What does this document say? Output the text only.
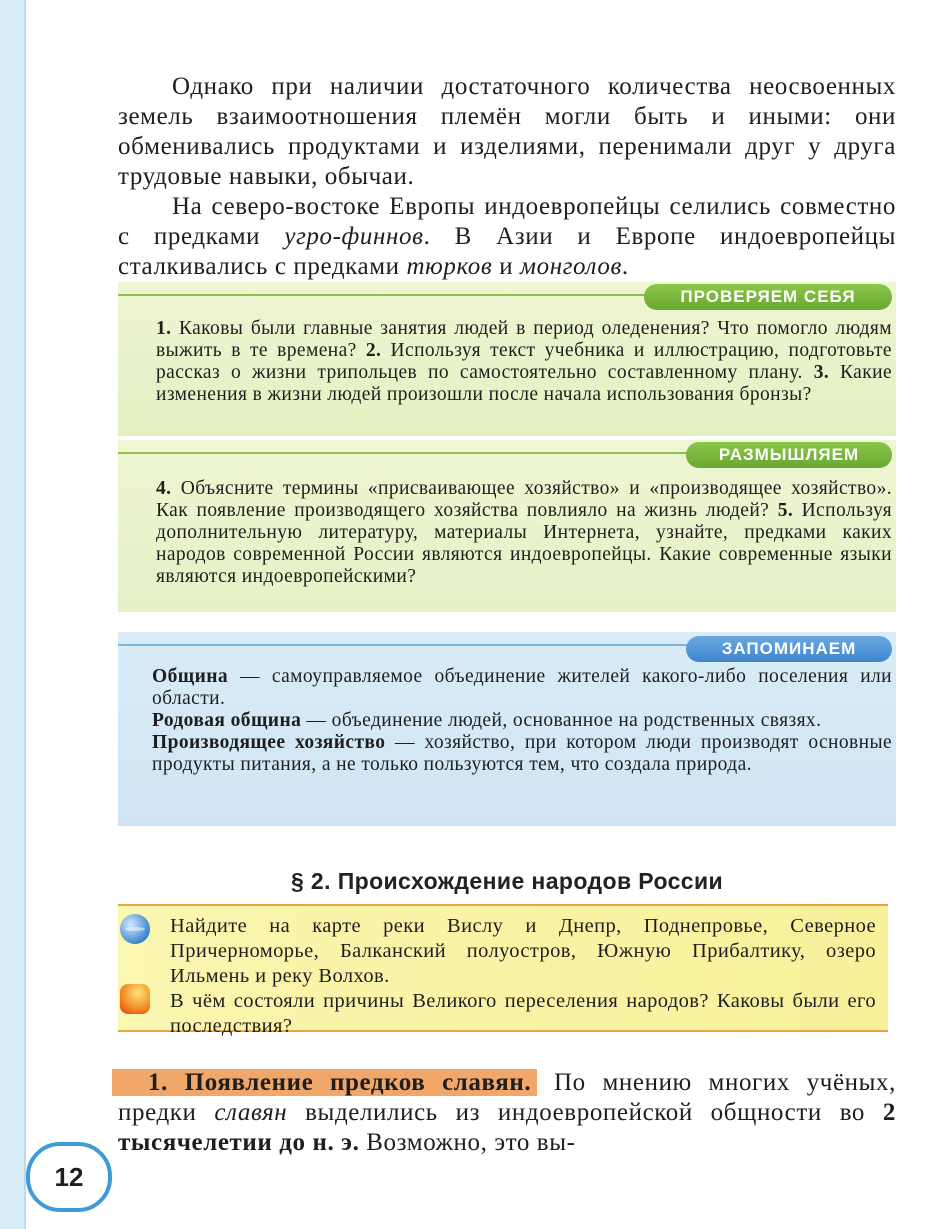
Однако при наличии достаточного количества неосвоенных земель взаимоотношения племён могли быть и иными: они обменивались продуктами и изделиями, перенимали друг у друга трудовые навыки, обычаи.

На северо-востоке Европы индоевропейцы селились совместно с предками угро-финнов. В Азии и Европе индоевропейцы сталкивались с предками тюрков и монголов.

ПРОВЕРЯЕМ СЕБЯ
1. Каковы были главные занятия людей в период оледенения? Что помогло людям выжить в те времена? 2. Используя текст учебника и иллюстрацию, подготовьте рассказ о жизни трипольцев по самостоятельно составленному плану. 3. Какие изменения в жизни людей произошли после начала использования бронзы?
РАЗМЫШЛЯЕМ
4. Объясните термины «присваивающее хозяйство» и «производящее хозяйство». Как появление производящего хозяйства повлияло на жизнь людей? 5. Используя дополнительную литературу, материалы Интернета, узнайте, предками каких народов современной России являются индоевропейцы. Какие современные языки являются индоевропейскими?
ЗАПОМИНАЕМ

Община — самоуправляемое объединение жителей какого-либо поселения или области.

Родовая община — объединение людей, основанное на родственных связях.

Производящее хозяйство — хозяйство, при котором люди производят основные продукты питания, а не только пользуются тем, что создала природа.

§ 2. Происхождение народов России

Найдите на карте реки Вислу и Днепр, Поднепровье, Северное Причерноморье, Балканский полуостров, Южную Прибалтику, озеро Ильмень и реку Волхов.

В чём состояли причины Великого переселения народов? Каковы были его последствия?

1. Появление предков славян. По мнению многих учёных, предки славян выделились из индоевропейской общности во 2 тысячелетии до н. э. Возможно, это вы-

12
